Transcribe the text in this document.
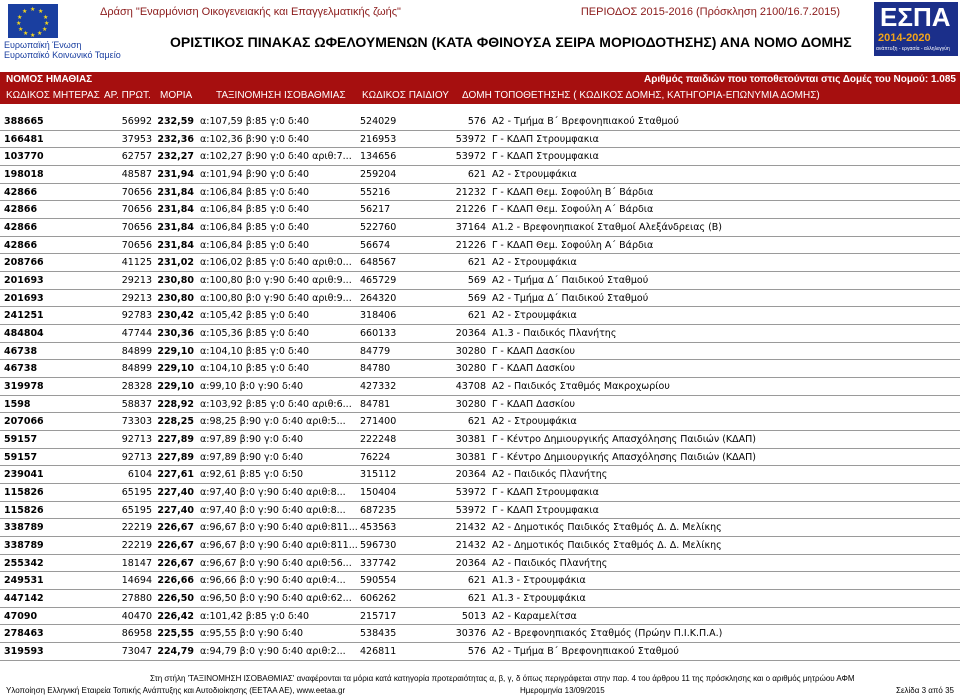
★ ★
★
★
★
★
★
★
★
★
★
★
Ευρωπαϊκή Ένωση
Ευρωπαϊκό Κοινωνικό Ταμείο
Δράση "Εναρμόνιση Οικογενειακής και Επαγγελματικής ζωής"	ΠΕΡΙΟΔΟΣ 2015-2016 (Πρόσκληση 2100/16.7.2015)
ΟΡΙΣΤΙΚΟΣ ΠΙΝΑΚΑΣ ΩΦΕΛΟΥΜΕΝΩΝ (ΚΑΤΑ ΦΘΙΝΟΥΣΑ ΣΕΙΡΑ ΜΟΡΙΟΔΟΤΗΣΗΣ) ΑΝΑ ΝΟΜΟ ΔΟΜΗΣ
ΕΣΠΑ
2014-2020
ανάπτυξη - εργασία - αλληλεγγύη
ΝΟΜΟΣ ΗΜΑΘΙΑΣ	Αριθμός παιδιών που τοποθετούνται στις Δομές του Νομού: 1.085
ΚΩΔΙΚΟΣ ΜΗΤΕΡΑΣ ΑΡ. ΠΡΩΤ. ΜΟΡΙΑ ΤΑΞΙΝΟΜΗΣΗ ΙΣΟΒΑΘΜΙΑΣ ΚΩΔΙΚΟΣ ΠΑΙΔΙΟΥ ΔΟΜΗ ΤΟΠΟΘΕΤΗΣΗΣ ( ΚΩΔΙΚΟΣ ΔΟΜΗΣ, ΚΑΤΗΓΟΡΙΑ-ΕΠΩΝΥΜΙΑ ΔΟΜΗΣ)
388665	56992 232,59 α:107,59 β:85 γ:0 δ:40	524029	576 Α2 - Τμήμα Β΄ Βρεφονηπιακού Σταθμού
166481	37953 232,36 α:102,36 β:90 γ:0 δ:40	216953	53972 Γ - ΚΔΑΠ Στρουμφακια
103770	62757 232,27 α:102,27 β:90 γ:0 δ:40 αριθ:7... 134656	53972 Γ - ΚΔΑΠ Στρουμφακια
198018	48587 231,94 α:101,94 β:90 γ:0 δ:40	259204	621 Α2 - Στρουμφάκια
42866	70656 231,84 α:106,84 β:85 γ:0 δ:40	55216	21232 Γ - ΚΔΑΠ Θεμ. Σοφούλη Β΄ Βάρδια
42866	70656 231,84 α:106,84 β:85 γ:0 δ:40	56217	21226 Γ - ΚΔΑΠ Θεμ. Σοφούλη Α΄ Βάρδια
42866	70656 231,84 α:106,84 β:85 γ:0 δ:40	522760	37164 Α1.2 - Βρεφονηπιακοί Σταθμοί Αλεξάνδρειας (Β)
42866	70656 231,84 α:106,84 β:85 γ:0 δ:40	56674	21226 Γ - ΚΔΑΠ Θεμ. Σοφούλη Α΄ Βάρδια
208766	41125 231,02 α:106,02 β:85 γ:0 δ:40 αριθ:0... 648567	621 Α2 - Στρουμφάκια
201693	29213 230,80 α:100,80 β:0 γ:90 δ:40 αριθ:9... 465729	569 Α2 - Τμήμα Δ΄ Παιδικού Σταθμού
201693	29213 230,80 α:100,80 β:0 γ:90 δ:40 αριθ:9... 264320	569 Α2 - Τμήμα Δ΄ Παιδικού Σταθμού
241251	92783 230,42 α:105,42 β:85 γ:0 δ:40	318406	621 Α2 - Στρουμφάκια
484804	47744 230,36 α:105,36 β:85 γ:0 δ:40	660133	20364 Α1.3 - Παιδικός Πλανήτης
46738	84899 229,10 α:104,10 β:85 γ:0 δ:40	84779	30280 Γ - ΚΔΑΠ Δασκίου
46738	84899 229,10 α:104,10 β:85 γ:0 δ:40	84780	30280 Γ - ΚΔΑΠ Δασκίου
319978	28328 229,10 α:99,10 β:0 γ:90 δ:40	427332	43708 Α2 - Παιδικός Σταθμός Μακροχωρίου
1598	58837 228,92 α:103,92 β:85 γ:0 δ:40 αριθ:6... 84781	30280 Γ - ΚΔΑΠ Δασκίου
207066	73303 228,25 α:98,25 β:90 γ:0 δ:40 αριθ:5... 271400	621 Α2 - Στρουμφάκια
59157	92713 227,89 α:97,89 β:90 γ:0 δ:40	222248	30381 Γ - Κέντρο Δημιουργικής Απασχόλησης Παιδιών (ΚΔΑΠ)
59157	92713 227,89 α:97,89 β:90 γ:0 δ:40	76224	30381 Γ - Κέντρο Δημιουργικής Απασχόλησης Παιδιών (ΚΔΑΠ)
239041	6104 227,61 α:92,61 β:85 γ:0 δ:50	315112	20364 Α2 - Παιδικός Πλανήτης
115826	65195 227,40 α:97,40 β:0 γ:90 δ:40 αριθ:8... 150404	53972 Γ - ΚΔΑΠ Στρουμφακια
115826	65195 227,40 α:97,40 β:0 γ:90 δ:40 αριθ:8... 687235	53972 Γ - ΚΔΑΠ Στρουμφακια
338789	22219 226,67 α:96,67 β:0 γ:90 δ:40 αριθ:811... 453563	21432 Α2 - Δημοτικός Παιδικός Σταθμός Δ. Δ. Μελίκης
338789	22219 226,67 α:96,67 β:0 γ:90 δ:40 αριθ:811... 596730	21432 Α2 - Δημοτικός Παιδικός Σταθμός Δ. Δ. Μελίκης
255342	18147 226,67 α:96,67 β:0 γ:90 δ:40 αριθ:56... 337742	20364 Α2 - Παιδικός Πλανήτης
249531	14694 226,66 α:96,66 β:0 γ:90 δ:40 αριθ:4... 590554	621 Α1.3 - Στρουμφάκια
447142	27880 226,50 α:96,50 β:0 γ:90 δ:40 αριθ:62... 606262	621 Α1.3 - Στρουμφάκια
47090	40470 226,42 α:101,42 β:85 γ:0 δ:40	215717	5013 Α2 - Καραμελίτσα
278463	86958 225,55 α:95,55 β:0 γ:90 δ:40	538435	30376 Α2 - Βρεφονηπιακός Σταθμός (Πρώην Π.Ι.Κ.Π.Α.)
319593	73047 224,79 α:94,79 β:0 γ:90 δ:40 αριθ:2... 426811	576 Α2 - Τμήμα Β΄ Βρεφονηπιακού Σταθμού
Στη στήλη 'ΤΑΞΙΝΟΜΗΣΗ ΙΣΟΒΑΘΜΙΑΣ' αναφέρονται τα μόρια κατά κατηγορία προτεραιότητας α, β, γ, δ όπως περιγράφεται στην παρ. 4 του άρθρου 11 της πρόσκλησης και ο αριθμός μητρώου ΑΦΜ
Υλοποίηση Ελληνική Εταιρεία Τοπικής Ανάπτυξης και Αυτοδιοίκησης (ΕΕΤΑΑ ΑΕ), www.eetaa.gr	Ημερομηνία 13/09/2015	Σελίδα 3 από 35
